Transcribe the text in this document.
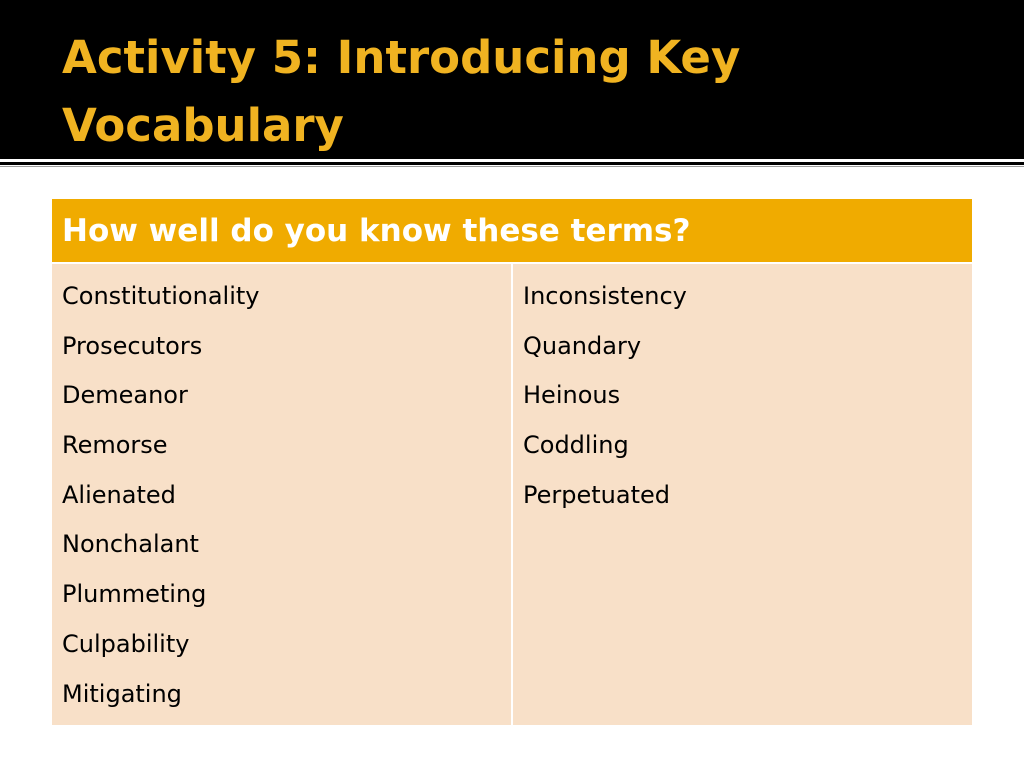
Activity 5: Introducing Key Vocabulary
How well do you know these terms?

Constitutionality
Prosecutors
Demeanor
Remorse
Alienated
Nonchalant
Plummeting
Culpability
Mitigating

Inconsistency
Quandary
Heinous
Coddling
Perpetuated
